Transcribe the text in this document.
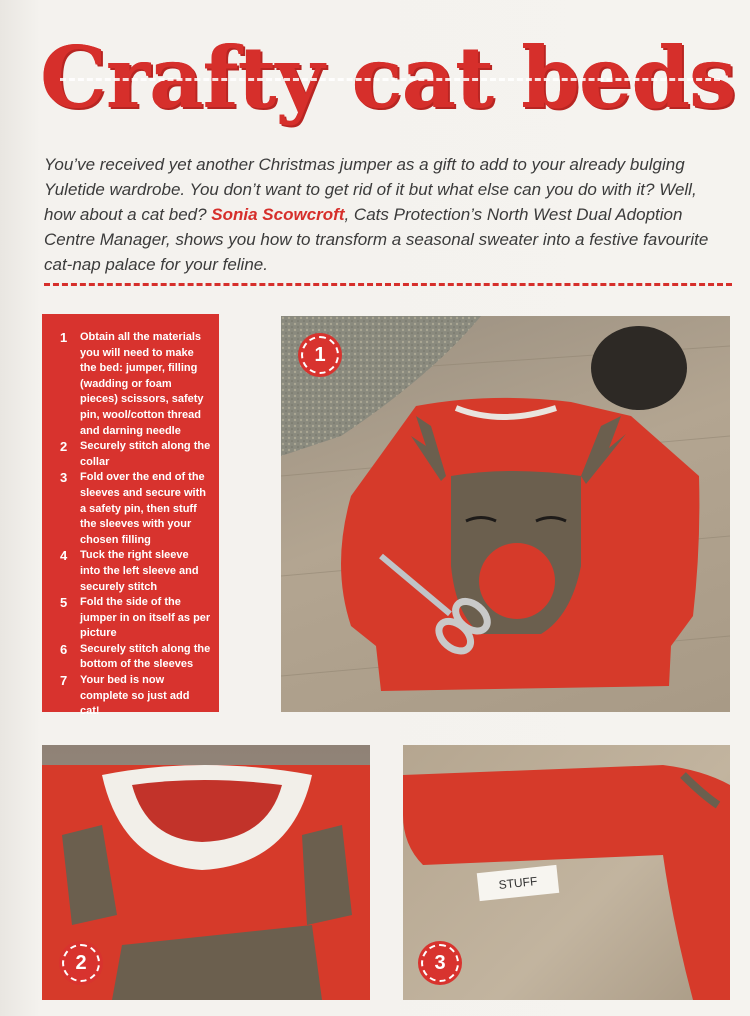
Crafty cat beds

You’ve received yet another Christmas jumper as a gift to add to your already bulging Yuletide wardrobe. You don’t want to get rid of it but what else can you do with it? Well, how about a cat bed? Sonia Scowcroft, Cats Protection’s North West Dual Adoption Centre Manager, shows you how to transform a seasonal sweater into a festive favourite cat-nap palace for your feline.

1	Obtain all the materials you will need to make the bed: jumper, filling (wadding or foam pieces) scissors, safety pin, wool/cotton thread and darning needle
2	Securely stitch along the collar
3	Fold over the end of the sleeves and secure with a safety pin, then stuff the sleeves with your chosen filling
4	Tuck the right sleeve into the left sleeve and securely stitch
5	Fold the side of the jumper in on itself as per picture
6	Securely stitch along the bottom of the sleeves
7	Your bed is now complete so just add cat!
1
2
STUFF
3
